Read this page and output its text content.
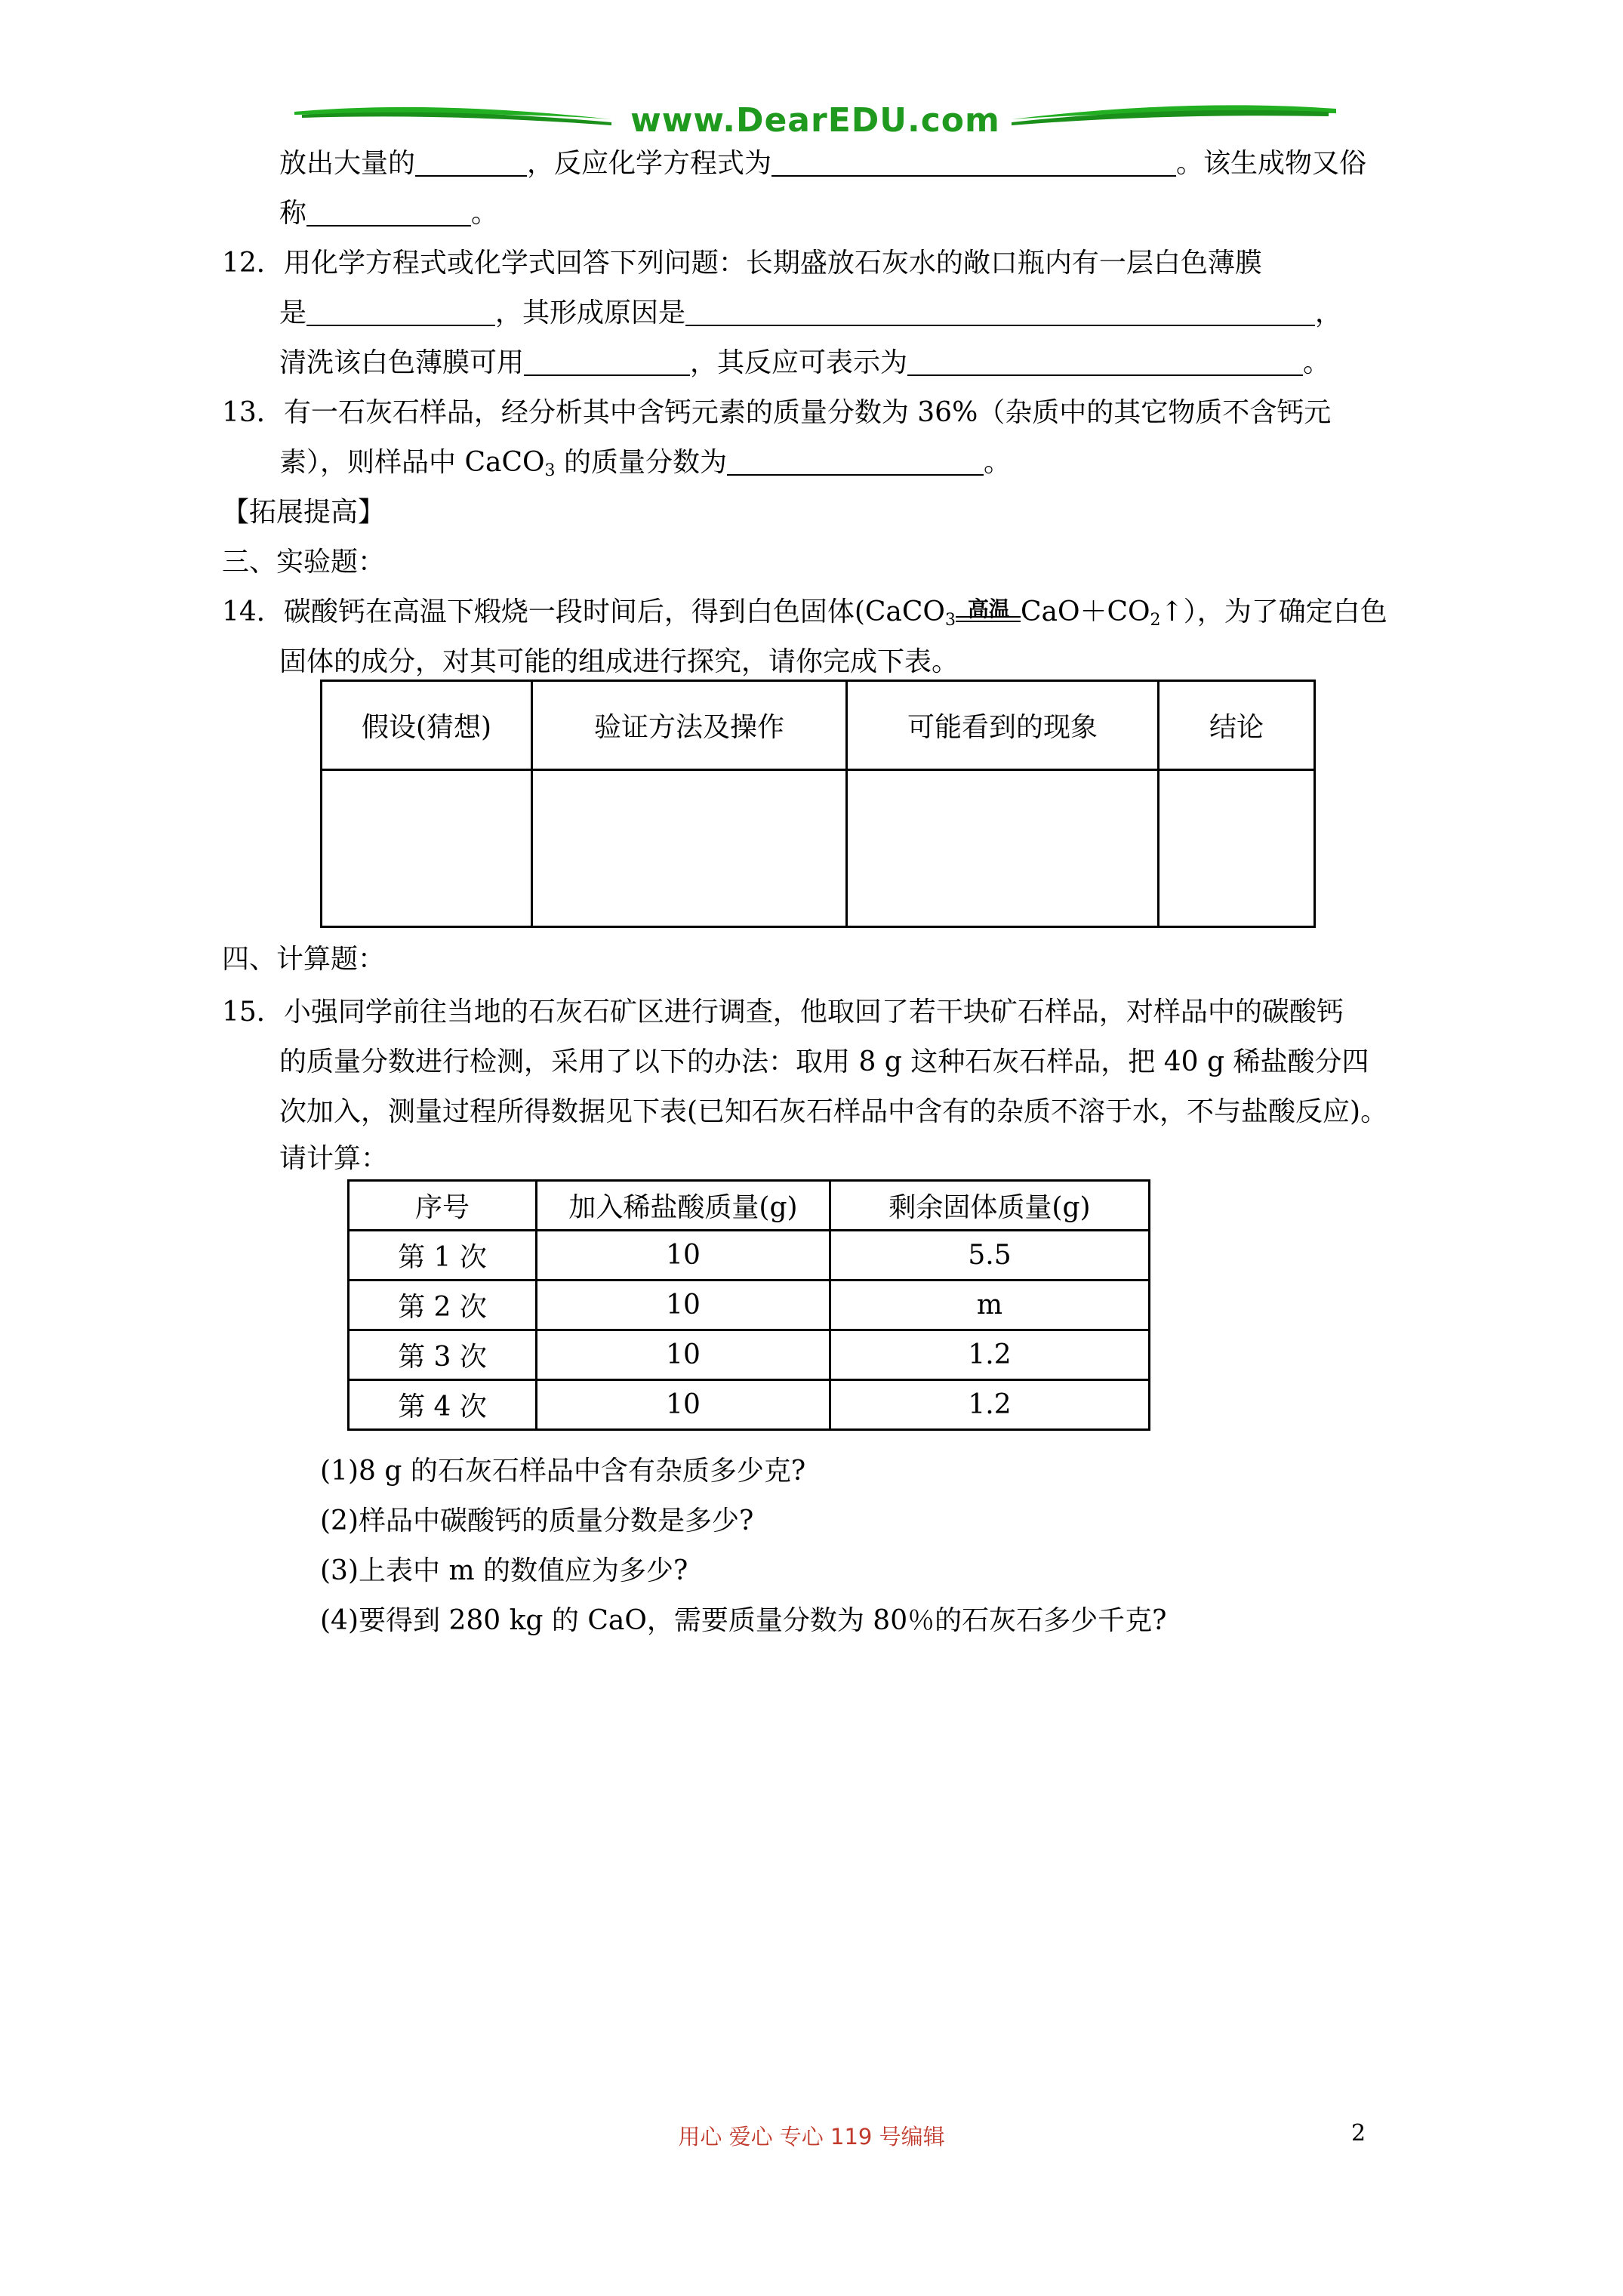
www.DearEDU.com
放出大量的	，反应化学方程式为	。该生成物又俗
称	。
12．用化学方程式或化学式回答下列问题：长期盛放石灰水的敞口瓶内有一层白色薄膜
是	，其形成原因是	，
清洗该白色薄膜可用	，其反应可表示为	。
13．有一石灰石样品，经分析其中含钙元素的质量分数为 36%（杂质中的其它物质不含钙元
素），则样品中 CaCO$_3$ 的质量分数为	。
【拓展提高】
三、实验题：
14．碳酸钙在高温下煅烧一段时间后，得到白色固体(CaCO$_3$ 高温 $CaO+CO_2↑$），为了确定白色
固体的成分，对其可能的组成进行探究，请你完成下表。
假设(猜想)	验证方法及操作	可能看到的现象	结论

四、计算题：
15．小强同学前往当地的石灰石矿区进行调查，他取回了若干块矿石样品，对样品中的碳酸钙
的质量分数进行检测，采用了以下的办法：取用 8 g 这种石灰石样品，把 40 g 稀盐酸分四
次加入，测量过程所得数据见下表(已知石灰石样品中含有的杂质不溶于水，不与盐酸反应)。
请计算：
序号	加入稀盐酸质量(g)	剩余固体质量(g)
第 1 次	10	5.5
第 2 次	10	m
第 3 次	10	1.2
第 4 次	10	1.2
(1)8 g 的石灰石样品中含有杂质多少克?
(2)样品中碳酸钙的质量分数是多少?
(3)上表中 m 的数值应为多少?
(4)要得到 280 kg 的 CaO，需要质量分数为 80％的石灰石多少千克?
用心 爱心 专心 119 号编辑	2
